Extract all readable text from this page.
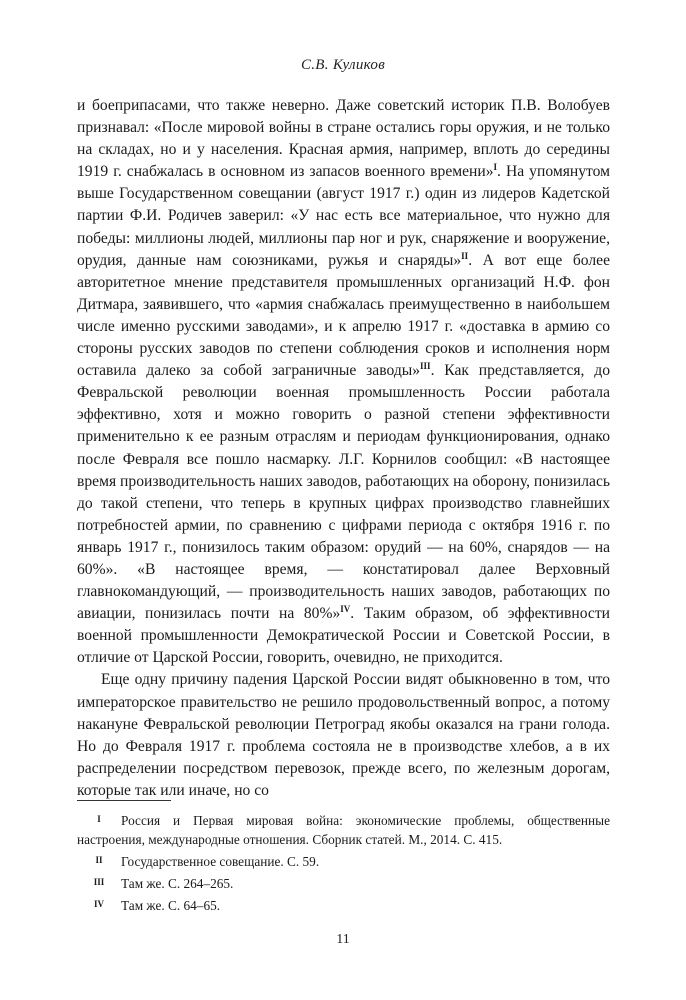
С.В. Куликов

и боеприпасами, что также неверно. Даже советский историк П.В. Волобуев признавал: «После мировой войны в стране остались горы оружия, и не только на складах, но и у населения. Красная армия, например, вплоть до середины 1919 г. снабжалась в основном из запасов военного времени»$^I$. На упомянутом выше Государственном совещании (август 1917 г.) один из лидеров Кадетской партии Ф.И. Родичев заверил: «У нас есть все материальное, что нужно для победы: миллионы людей, миллионы пар ног и рук, снаряжение и вооружение, орудия, данные нам союзниками, ружья и снаряды»$^{II}$. А вот еще более авторитетное мнение представителя промышленных организаций Н.Ф. фон Дитмара, заявившего, что «армия снабжалась преимущественно в наибольшем числе именно русскими заводами», и к апрелю 1917 г. «доставка в армию со стороны русских заводов по степени соблюдения сроков и исполнения норм оставила далеко за собой заграничные заводы»$^{III}$. Как представляется, до Февральской революции военная промышленность России работала эффективно, хотя и можно говорить о разной степени эффективности применительно к ее разным отраслям и периодам функционирования, однако после Февраля все пошло насмарку. Л.Г. Корнилов сообщил: «В настоящее время производительность наших заводов, работающих на оборону, понизилась до такой степени, что теперь в крупных цифрах производство главнейших потребностей армии, по сравнению с цифрами периода с октября 1916 г. по январь 1917 г., понизилось таким образом: орудий — на 60%, снарядов — на 60%». «В настоящее время, — констатировал далее Верховный главнокомандующий, — производительность наших заводов, работающих по авиации, понизилась почти на 80%»$^{IV}$. Таким образом, об эффективности военной промышленности Демократической России и Советской России, в отличие от Царской России, говорить, очевидно, не приходится.

Еще одну причину падения Царской России видят обыкновенно в том, что императорское правительство не решило продовольственный вопрос, а потому накануне Февральской революции Петроград якобы оказался на грани голода. Но до Февраля 1917 г. проблема состояла не в производстве хлебов, а в их распределении посредством перевозок, прежде всего, по железным дорогам, которые так или иначе, но со

I Россия и Первая мировая война: экономические проблемы, общественные настроения, международные отношения. Сборник статей. М., 2014. С. 415.
II Государственное совещание. С. 59.
III Там же. С. 264–265.
IV Там же. С. 64–65.
11
